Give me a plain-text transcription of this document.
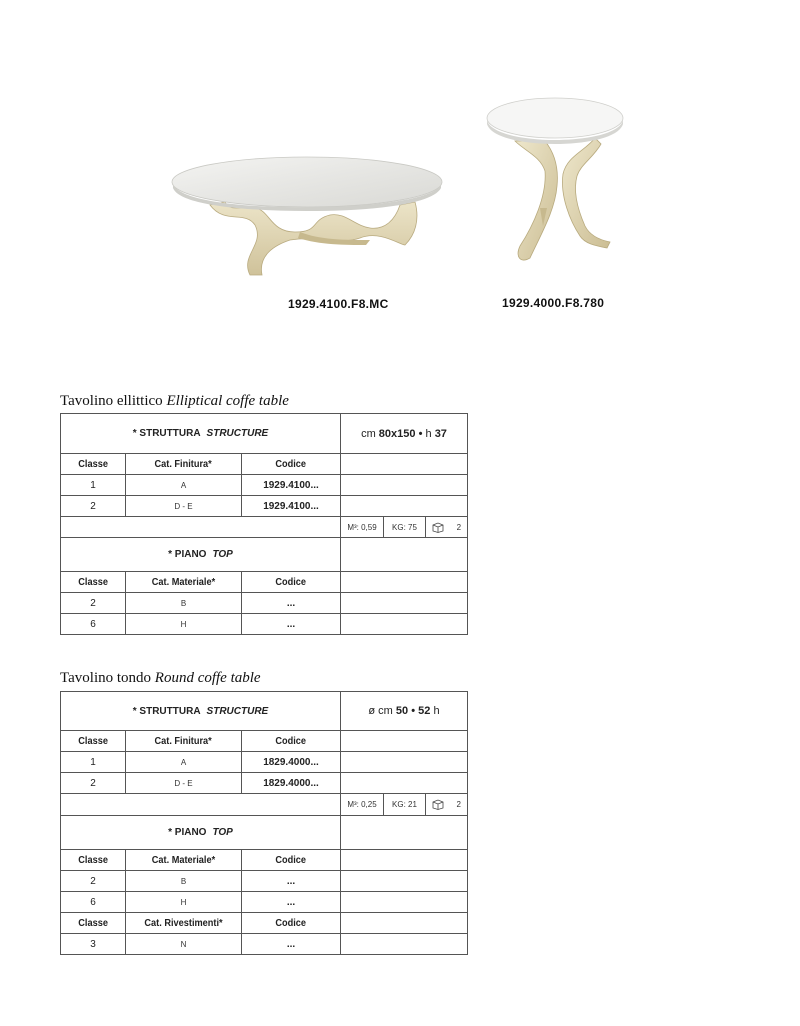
1929.4100.F8.MC	1929.4000.F8.780
Tavolino ellittico Elliptical coffe table
* STRUTTURA STRUCTURE			cm 80x150 • h 37		
Classe	Cat. Finitura*	Codice			
1	A	1929.4100...			
2	D - E	1929.4100...			
			M³: 0,59	KG: 75	2

* PIANO TOP					
Classe	Cat. Materiale*	Codice			
2	B	...			
6	H	...			
Tavolino tondo Round coffe table
* STRUTTURA STRUCTURE			ø cm 50 • 52 h		
Classe	Cat. Finitura*	Codice			
1	A	1829.4000...			
2	D - E	1829.4000...			
			M³: 0,25	KG: 21	2

* PIANO TOP					
Classe	Cat. Materiale*	Codice			
2	B	...			
6	H	...			
Classe	Cat. Rivestimenti*	Codice			
3	N	...			
